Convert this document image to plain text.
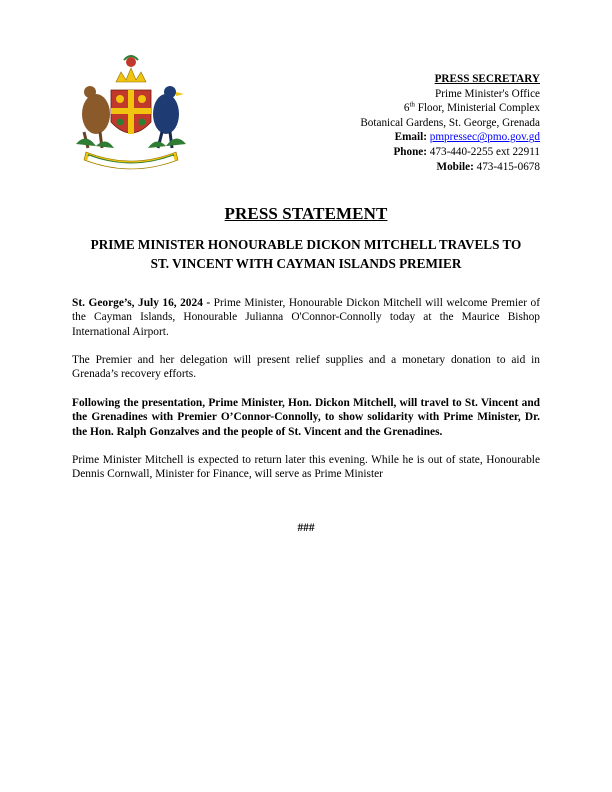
PRESS SECRETARY
Prime Minister's Office
6th Floor, Ministerial Complex
Botanical Gardens, St. George, Grenada
Email: pmpressec@pmo.gov.gd
Phone: 473-440-2255 ext 22911
Mobile: 473-415-0678
PRESS STATEMENT
PRIME MINISTER HONOURABLE DICKON MITCHELL TRAVELS TO
ST. VINCENT WITH CAYMAN ISLANDS PREMIER
St. George’s, July 16, 2024 - Prime Minister, Honourable Dickon Mitchell will welcome Premier of the Cayman Islands, Honourable Julianna O'Connor-Connolly today at the Maurice Bishop International Airport.
The Premier and her delegation will present relief supplies and a monetary donation to aid in Grenada’s recovery efforts.
Following the presentation, Prime Minister, Hon. Dickon Mitchell, will travel to St. Vincent and the Grenadines with Premier O’Connor-Connolly, to show solidarity with Prime Minister, Dr. the Hon. Ralph Gonzalves and the people of St. Vincent and the Grenadines.
Prime Minister Mitchell is expected to return later this evening. While he is out of state, Honourable Dennis Cornwall, Minister for Finance, will serve as Prime Minister
###
